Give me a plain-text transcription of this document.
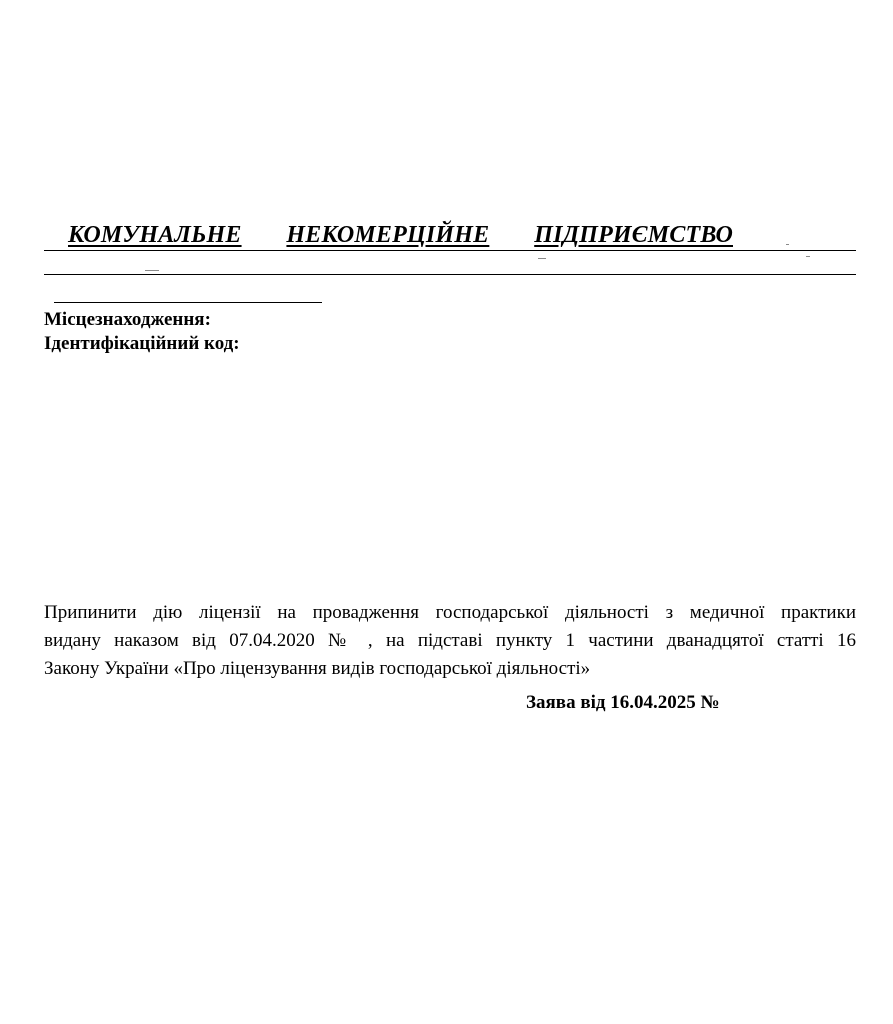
КОМУНАЛЬНЕ НЕКОМЕРЦІЙНЕ ПІДПРИЄМСТВО
Місцезнаходження:
Ідентифікаційний код:
Припинити дію ліцензії на провадження господарської діяльності з медичної практики
видану наказом від 07.04.2020 № , на підставі пункту 1 частини дванадцятої статті 16
Закону України «Про ліцензування видів господарської діяльності»
Заява від 16.04.2025 №
